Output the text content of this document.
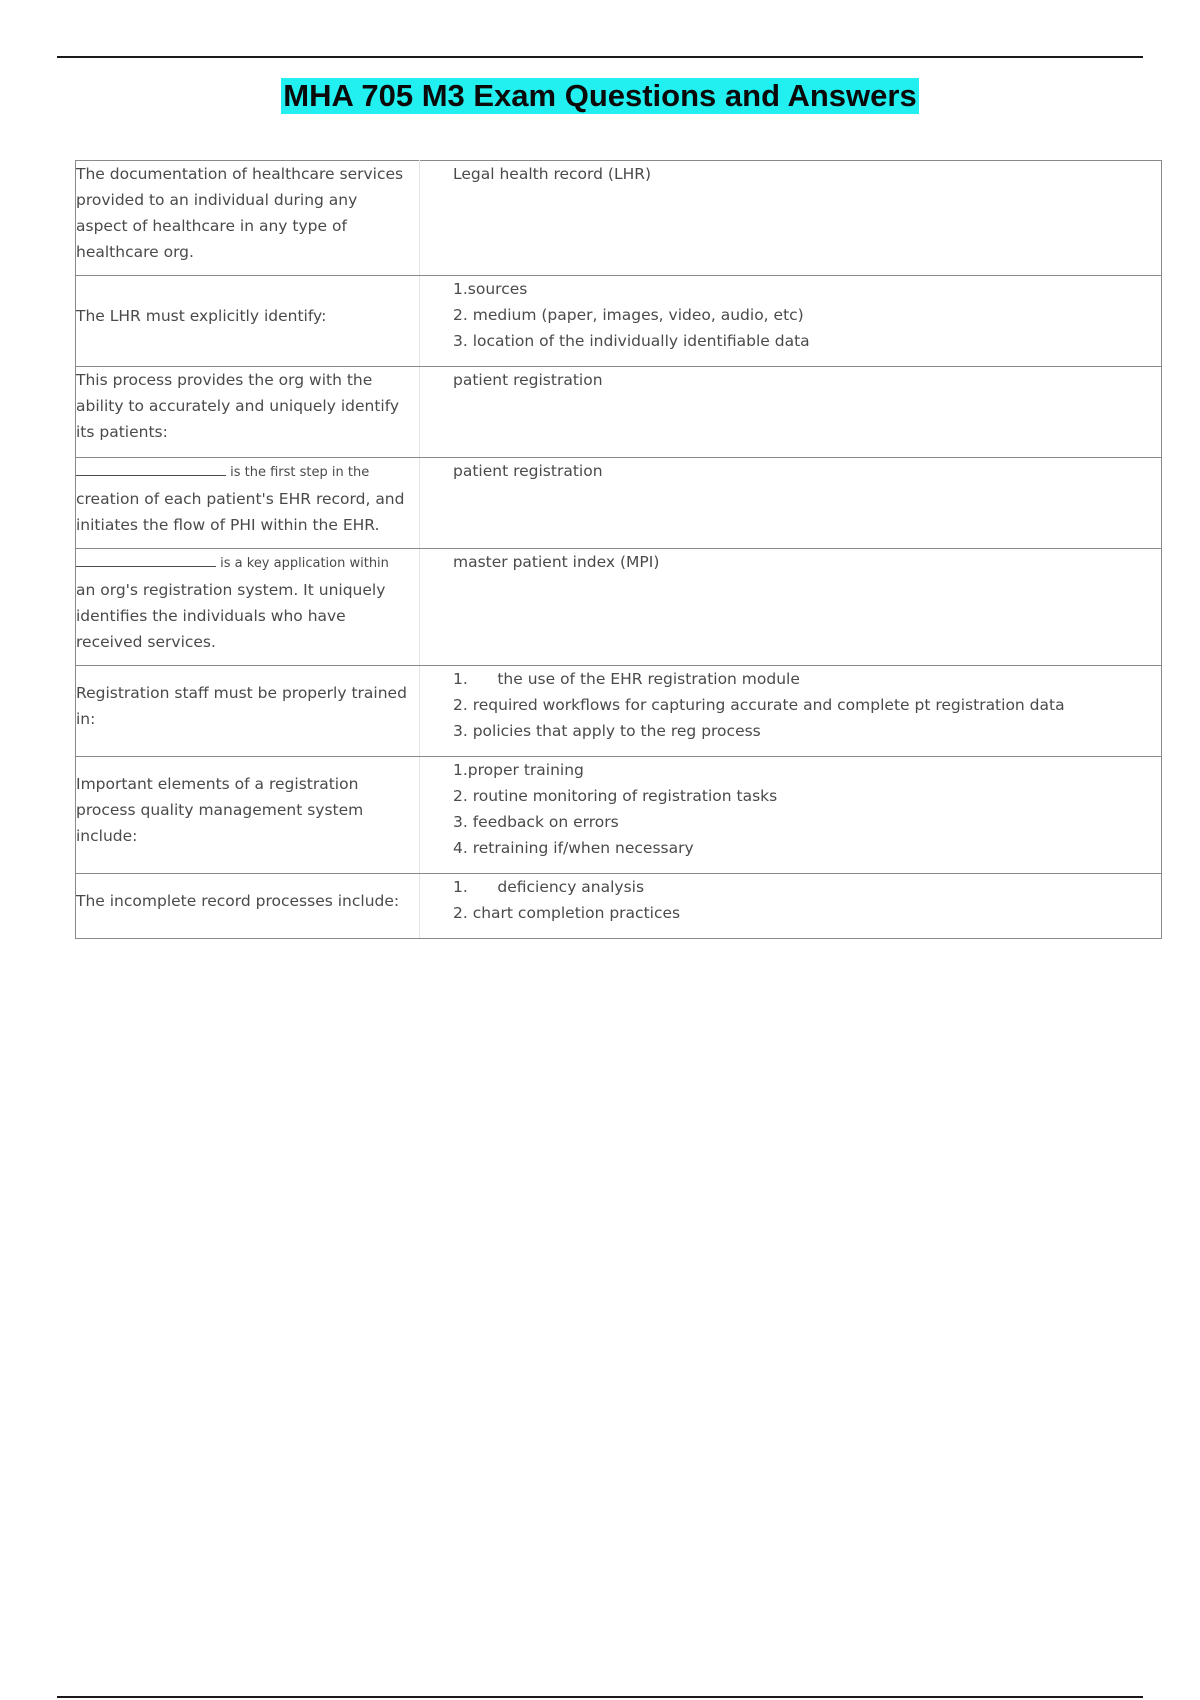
MHA 705 M3 Exam Questions and Answers
The documentation of healthcare services provided to an individual during any aspect of healthcare in any type of healthcare org.	Legal health record (LHR)

The LHR must explicitly identify:	1.sources
2. medium (paper, images, video, audio, etc)
3. location of the individually identifiable data

This process provides the org with the ability to accurately and uniquely identify its patients:	patient registration

is the first step in the
creation of each patient's EHR record, and initiates the flow of PHI within the EHR.	patient registration

is a key application within
an org's registration system. It uniquely identifies the individuals who have received services.	master patient index (MPI)

Registration staff must be properly trained in:	1.      the use of the EHR registration module
2. required workflows for capturing accurate and complete pt registration data
3. policies that apply to the reg process

Important elements of a registration process quality management system include:	1.proper training
2. routine monitoring of registration tasks
3. feedback on errors
4. retraining if/when necessary

The incomplete record processes include:	1.      deficiency analysis
2. chart completion practices
